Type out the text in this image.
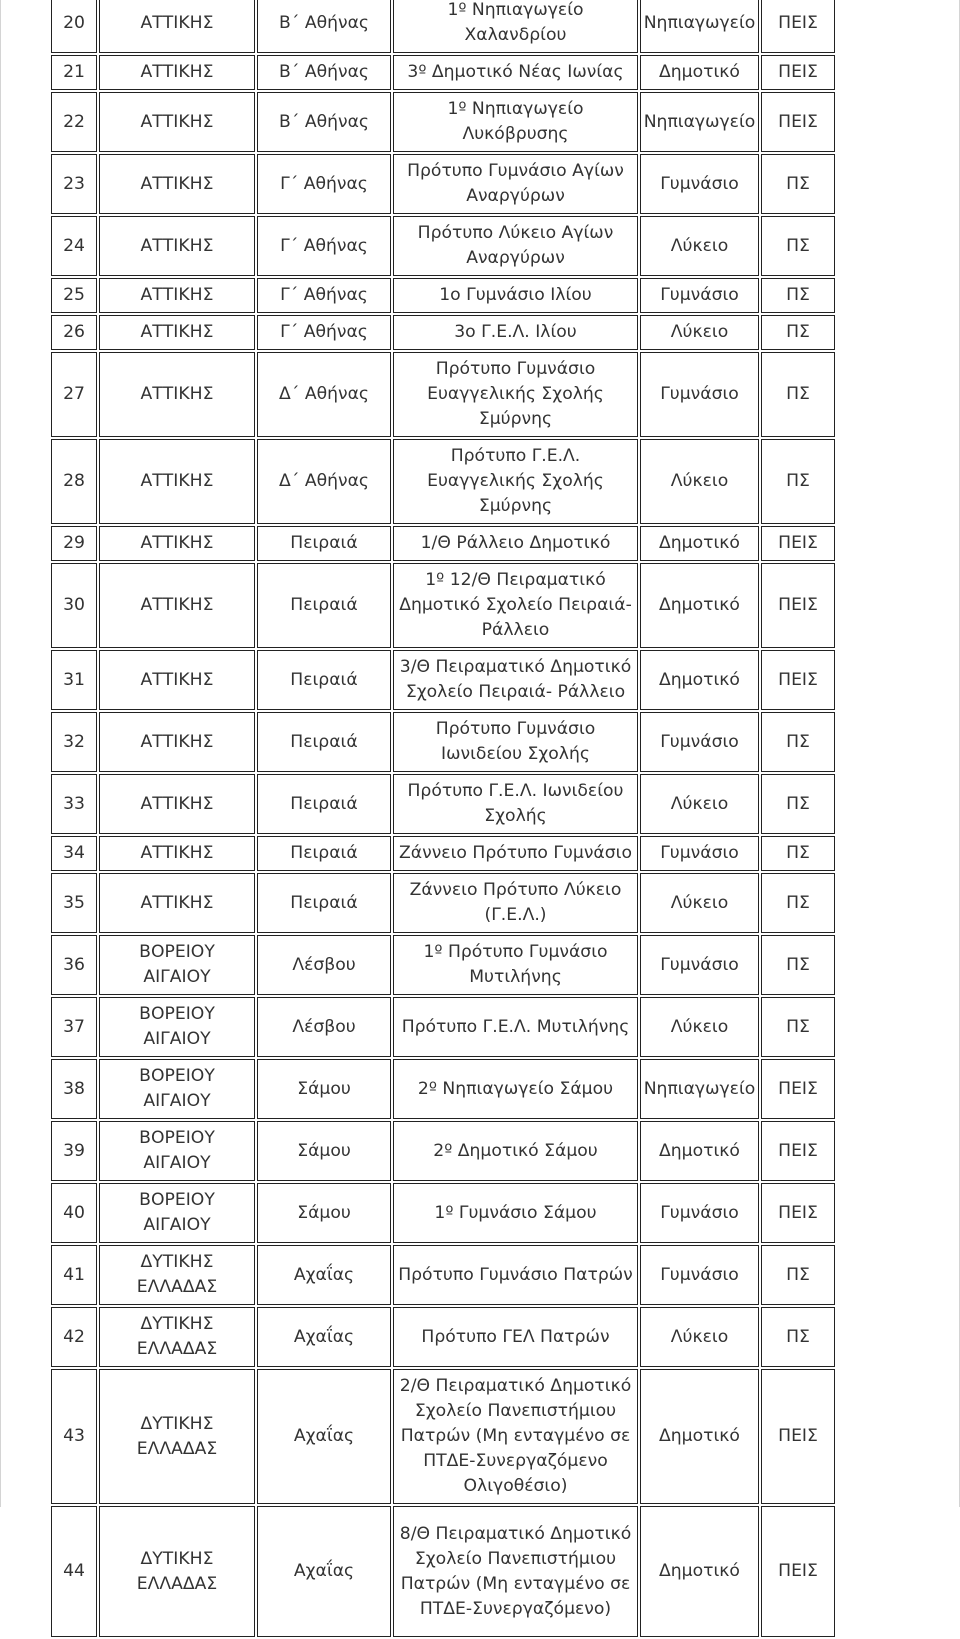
20	ΑΤΤΙΚΗΣ	Β΄ Αθήνας	1º Νηπιαγωγείο Χαλανδρίου	Νηπιαγωγείο	ΠΕΙΣ
21	ΑΤΤΙΚΗΣ	Β΄ Αθήνας	3º Δημοτικό Νέας Ιωνίας	Δημοτικό	ΠΕΙΣ
22	ΑΤΤΙΚΗΣ	Β΄ Αθήνας	1º Νηπιαγωγείο Λυκόβρυσης	Νηπιαγωγείο	ΠΕΙΣ
23	ΑΤΤΙΚΗΣ	Γ΄ Αθήνας	Πρότυπο Γυμνάσιο Αγίων Αναργύρων	Γυμνάσιο	ΠΣ
24	ΑΤΤΙΚΗΣ	Γ΄ Αθήνας	Πρότυπο Λύκειο Αγίων Αναργύρων	Λύκειο	ΠΣ
25	ΑΤΤΙΚΗΣ	Γ΄ Αθήνας	1ο Γυμνάσιο Ιλίου	Γυμνάσιο	ΠΣ
26	ΑΤΤΙΚΗΣ	Γ΄ Αθήνας	3ο Γ.Ε.Λ. Ιλίου	Λύκειο	ΠΣ
27	ΑΤΤΙΚΗΣ	Δ΄ Αθήνας	Πρότυπο Γυμνάσιο Ευαγγελικής Σχολής Σμύρνης	Γυμνάσιο	ΠΣ
28	ΑΤΤΙΚΗΣ	Δ΄ Αθήνας	Πρότυπο Γ.Ε.Λ. Ευαγγελικής Σχολής Σμύρνης	Λύκειο	ΠΣ
29	ΑΤΤΙΚΗΣ	Πειραιά	1/Θ Ράλλειο Δημοτικό	Δημοτικό	ΠΕΙΣ
30	ΑΤΤΙΚΗΣ	Πειραιά	1º 12/Θ Πειραματικό Δημοτικό Σχολείο Πειραιά-Ράλλειο	Δημοτικό	ΠΕΙΣ
31	ΑΤΤΙΚΗΣ	Πειραιά	3/Θ Πειραματικό Δημοτικό Σχολείο Πειραιά- Ράλλειο	Δημοτικό	ΠΕΙΣ
32	ΑΤΤΙΚΗΣ	Πειραιά	Πρότυπο Γυμνάσιο Ιωνιδείου Σχολής	Γυμνάσιο	ΠΣ
33	ΑΤΤΙΚΗΣ	Πειραιά	Πρότυπο Γ.Ε.Λ. Ιωνιδείου Σχολής	Λύκειο	ΠΣ
34	ΑΤΤΙΚΗΣ	Πειραιά	Ζάννειο Πρότυπο Γυμνάσιο	Γυμνάσιο	ΠΣ
35	ΑΤΤΙΚΗΣ	Πειραιά	Ζάννειο Πρότυπο Λύκειο (Γ.Ε.Λ.)	Λύκειο	ΠΣ
36	ΒΟΡΕΙΟΥ ΑΙΓΑΙΟΥ	Λέσβου	1º Πρότυπο Γυμνάσιο Μυτιλήνης	Γυμνάσιο	ΠΣ
37	ΒΟΡΕΙΟΥ ΑΙΓΑΙΟΥ	Λέσβου	Πρότυπο Γ.Ε.Λ. Μυτιλήνης	Λύκειο	ΠΣ
38	ΒΟΡΕΙΟΥ ΑΙΓΑΙΟΥ	Σάμου	2º Νηπιαγωγείο Σάμου	Νηπιαγωγείο	ΠΕΙΣ
39	ΒΟΡΕΙΟΥ ΑΙΓΑΙΟΥ	Σάμου	2º Δημοτικό Σάμου	Δημοτικό	ΠΕΙΣ
40	ΒΟΡΕΙΟΥ ΑΙΓΑΙΟΥ	Σάμου	1º Γυμνάσιο Σάμου	Γυμνάσιο	ΠΕΙΣ
41	ΔΥΤΙΚΗΣ ΕΛΛΑΔΑΣ	Αχαΐας	Πρότυπο Γυμνάσιο Πατρών	Γυμνάσιο	ΠΣ
42	ΔΥΤΙΚΗΣ ΕΛΛΑΔΑΣ	Αχαΐας	Πρότυπο ΓΕΛ Πατρών	Λύκειο	ΠΣ
43	ΔΥΤΙΚΗΣ ΕΛΛΑΔΑΣ	Αχαΐας	2/Θ Πειραματικό Δημοτικό Σχολείο Πανεπιστήμιου Πατρών (Μη ενταγμένο σε ΠΤΔΕ-Συνεργαζόμενο Ολιγοθέσιο)	Δημοτικό	ΠΕΙΣ
44	ΔΥΤΙΚΗΣ ΕΛΛΑΔΑΣ	Αχαΐας	8/Θ Πειραματικό Δημοτικό Σχολείο Πανεπιστήμιου Πατρών (Μη ενταγμένο σε ΠΤΔΕ-Συνεργαζόμενο)	Δημοτικό	ΠΕΙΣ
